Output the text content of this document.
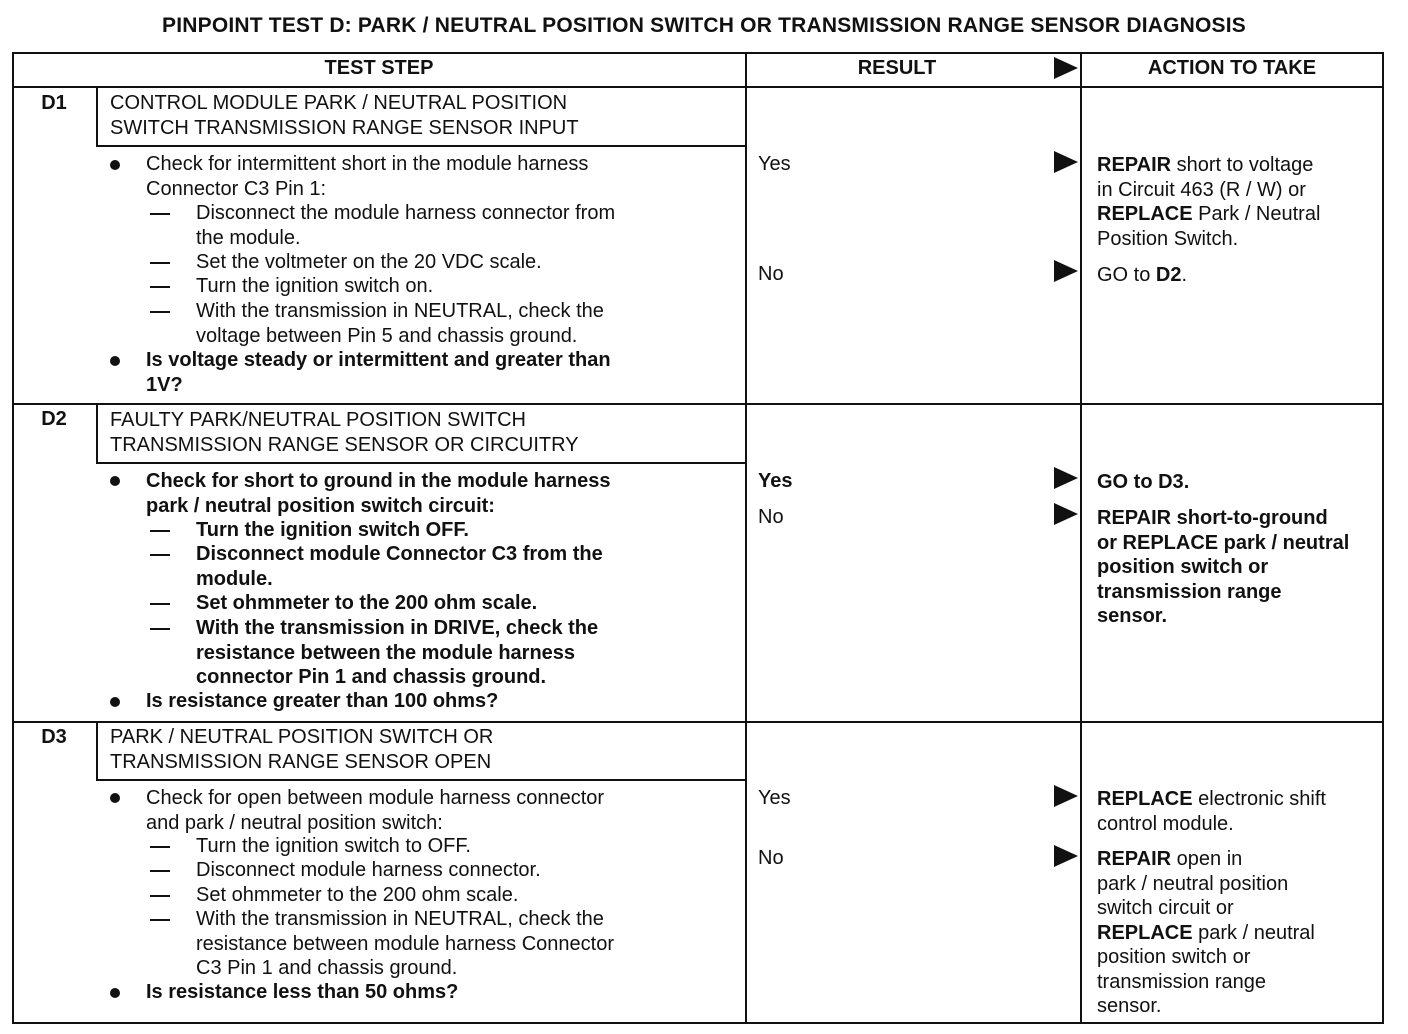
PINPOINT TEST D: PARK / NEUTRAL POSITION SWITCH OR TRANSMISSION RANGE SENSOR DIAGNOSIS
TEST STEP	RESULT	ACTION TO TAKE
D1	CONTROL MODULE PARK / NEUTRAL POSITION
SWITCH TRANSMISSION RANGE SENSOR INPUT
Check for intermittent short in the module harness
Connector C3 Pin 1:
Disconnect the module harness connector from
the module.
Set the voltmeter on the 20 VDC scale.
Turn the ignition switch on.
With the transmission in NEUTRAL, check the
voltage between Pin 5 and chassis ground.
Is voltage steady or intermittent and greater than
1V?
Yes	REPAIR short to voltage
in Circuit 463 (R / W) or
REPLACE Park / Neutral
Position Switch.
No	GO to D2.
D2	FAULTY PARK/NEUTRAL POSITION SWITCH
TRANSMISSION RANGE SENSOR OR CIRCUITRY
Check for short to ground in the module harness
park / neutral position switch circuit:
Turn the ignition switch OFF.
Disconnect module Connector C3 from the
module.
Set ohmmeter to the 200 ohm scale.
With the transmission in DRIVE, check the
resistance between the module harness
connector Pin 1 and chassis ground.
Is resistance greater than 100 ohms?
Yes	GO to D3.
No	REPAIR short-to-ground
or REPLACE park / neutral
position switch or
transmission range
sensor.
D3	PARK / NEUTRAL POSITION SWITCH OR
TRANSMISSION RANGE SENSOR OPEN
Check for open between module harness connector
and park / neutral position switch:
Turn the ignition switch to OFF.
Disconnect module harness connector.
Set ohmmeter to the 200 ohm scale.
With the transmission in NEUTRAL, check the
resistance between module harness Connector
C3 Pin 1 and chassis ground.
Is resistance less than 50 ohms?
Yes	REPLACE electronic shift
control module.
No	REPAIR open in
park / neutral position
switch circuit or
REPLACE park / neutral
position switch or
transmission range
sensor.
